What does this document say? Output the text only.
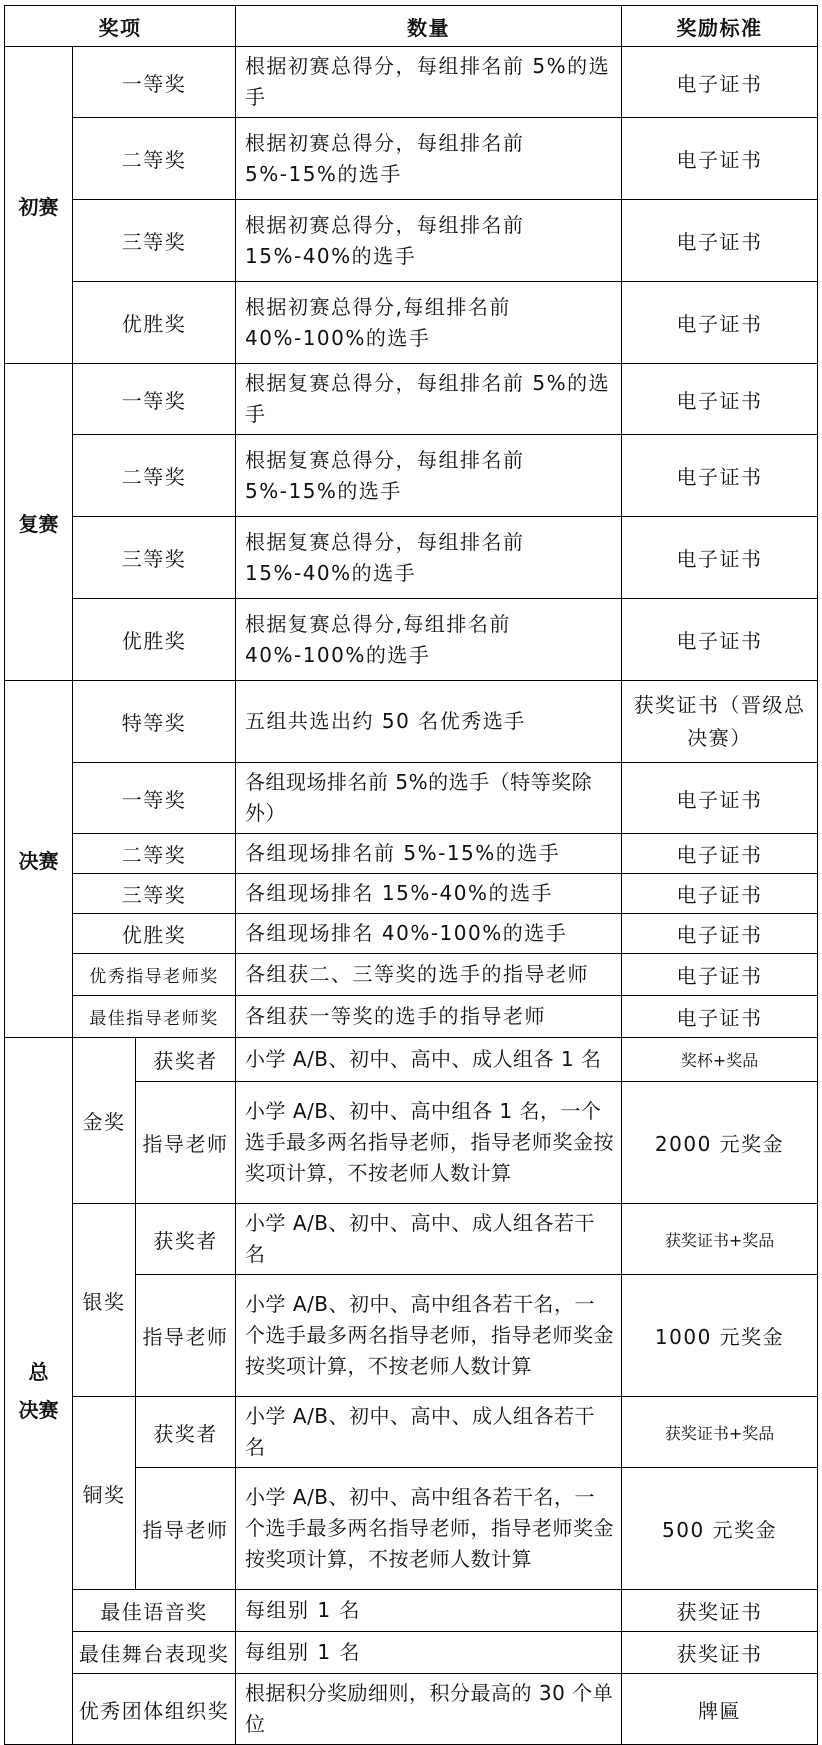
奖项			数量	奖励标准
初赛	一等奖		根据初赛总得分，每组排名前 5%的选手	电子证书
	二等奖		根据初赛总得分，每组排名前 5%-15%的选手	电子证书
	三等奖		根据初赛总得分，每组排名前 15%-40%的选手	电子证书
	优胜奖		根据初赛总得分,每组排名前 40%-100%的选手	电子证书
复赛	一等奖		根据复赛总得分，每组排名前 5%的选手	电子证书
	二等奖		根据复赛总得分，每组排名前 5%-15%的选手	电子证书
	三等奖		根据复赛总得分，每组排名前 15%-40%的选手	电子证书
	优胜奖		根据复赛总得分,每组排名前 40%-100%的选手	电子证书
决赛	特等奖		五组共选出约 50 名优秀选手	获奖证书（晋级总决赛）
	一等奖		各组现场排名前 5%的选手（特等奖除外）	电子证书
	二等奖		各组现场排名前 5%-15%的选手	电子证书
	三等奖		各组现场排名 15%-40%的选手	电子证书
	优胜奖		各组现场排名 40%-100%的选手	电子证书
	优秀指导老师奖		各组获二、三等奖的选手的指导老师	电子证书
	最佳指导老师奖		各组获一等奖的选手的指导老师	电子证书

总
决赛	金奖	获奖者	小学 A/B、初中、高中、成人组各 1 名	奖杯+奖品
		指导老师	小学 A/B、初中、高中组各 1 名，一个选手最多两名指导老师，指导老师奖金按奖项计算，不按老师人数计算	2000 元奖金
	银奖	获奖者	小学 A/B、初中、高中、成人组各若干名	获奖证书+奖品
		指导老师	小学 A/B、初中、高中组各若干名，一个选手最多两名指导老师，指导老师奖金按奖项计算，不按老师人数计算	1000 元奖金
	铜奖	获奖者	小学 A/B、初中、高中、成人组各若干名	获奖证书+奖品
		指导老师	小学 A/B、初中、高中组各若干名，一个选手最多两名指导老师，指导老师奖金按奖项计算，不按老师人数计算	500 元奖金
	最佳语音奖		每组别 1 名	获奖证书
	最佳舞台表现奖		每组别 1 名	获奖证书
	优秀团体组织奖		根据积分奖励细则，积分最高的 30 个单位	牌匾
